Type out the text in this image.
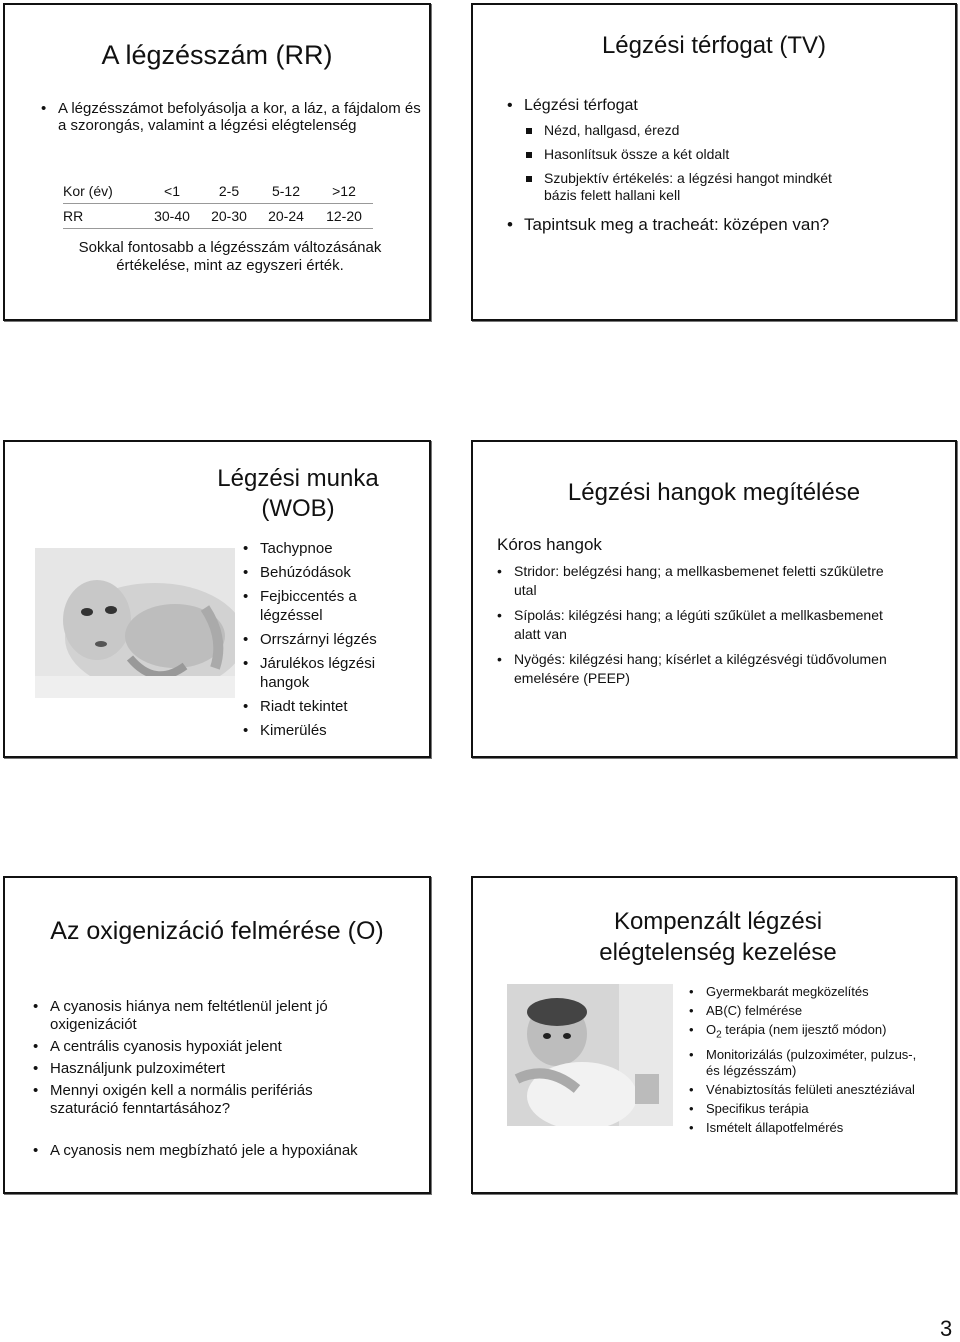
A légzésszám (RR)
• A légzésszámot befolyásolja a kor, a láz, a fájdalom és a szorongás, valamint a légzési elégtelenség
Kor (év)	<1	2-5	5-12	>12
RR	30-40	20-30	20-24	12-20
Sokkal fontosabb a légzésszám változásának értékelése, mint az egyszeri érték.
Légzési térfogat (TV)
• Légzési térfogat
Nézd, hallgasd, érezd
Hasonlítsuk össze a két oldalt
Szubjektív értékelés: a légzési hangot mindkét bázis felett hallani kell
• Tapintsuk meg a tracheát: középen van?
Légzési munka
(WOB)
• Tachypnoe
• Behúzódások
• Fejbiccentés a légzéssel
• Orrszárnyi légzés
• Járulékos légzési hangok
• Riadt tekintet
• Kimerülés
Légzési hangok megítélése
Kóros hangok
• Stridor: belégzési hang; a mellkasbemenet feletti szűkületre utal
• Sípolás: kilégzési hang; a légúti szűkület a mellkasbemenet alatt van
• Nyögés: kilégzési hang; kísérlet a kilégzésvégi tüdővolumen emelésére (PEEP)
Az oxigenizáció felmérése (O)
• A cyanosis hiánya nem feltétlenül jelent jó oxigenizációt
• A centrális cyanosis hypoxiát jelent
• Használjunk pulzoximétert
• Mennyi oxigén kell a normális perifériás szaturáció fenntartásához?
• A cyanosis nem megbízható jele a hypoxiának
Kompenzált légzési
elégtelenség kezelése
• Gyermekbarát megközelítés
• AB(C) felmérése
• $O_2$ terápia (nem ijesztő módon)
• Monitorizálás (pulzoximéter, pulzus-, és légzésszám)
• Vénabiztosítás felületi anesztéziával
• Specifikus terápia
• Ismételt állapotfelmérés
3
